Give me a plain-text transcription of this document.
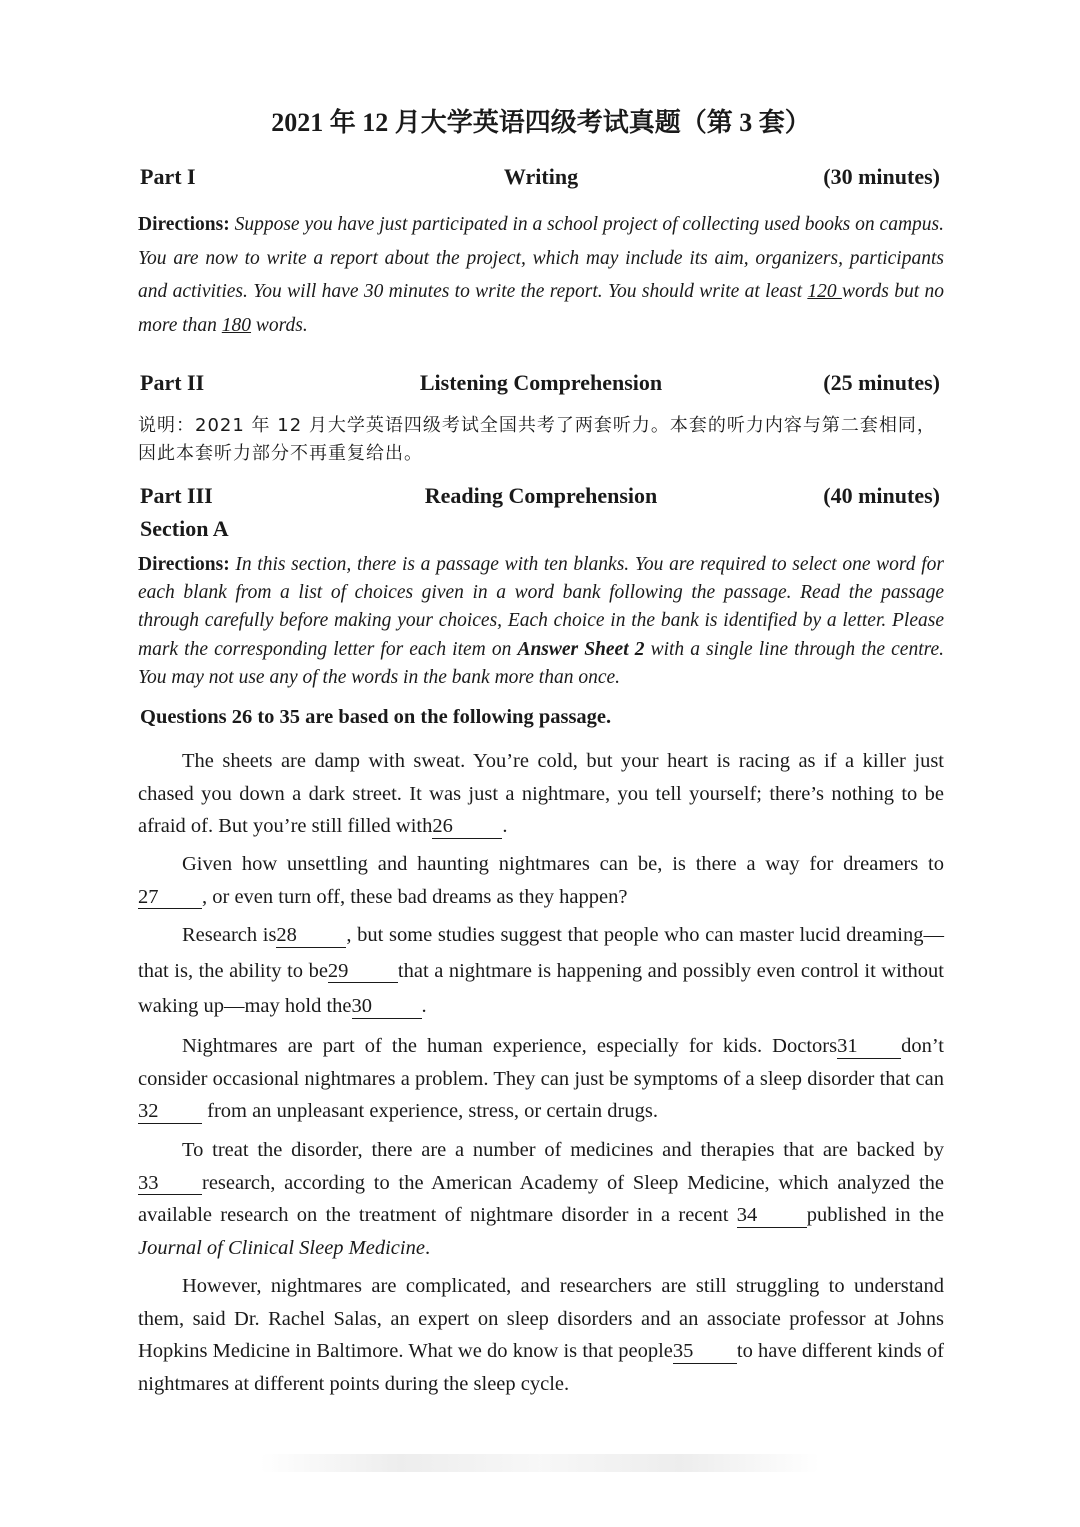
2021 年 12 月大学英语四级考试真题（第 3 套）
Part I	Writing	(30 minutes)
Directions: Suppose you have just participated in a school project of collecting used books on campus. You are now to write a report about the project, which may include its aim, organizers, participants and activities. You will have 30 minutes to write the report. You should write at least 120 words but no more than 180 words.
Part II	Listening Comprehension	(25 minutes)
说明：2021 年 12 月大学英语四级考试全国共考了两套听力。本套的听力内容与第二套相同，因此本套听力部分不再重复给出。
Part III	Reading Comprehension	(40 minutes)
Section A
Directions: In this section, there is a passage with ten blanks. You are required to select one word for each blank from a list of choices given in a word bank following the passage. Read the passage through carefully before making your choices, Each choice in the bank is identified by a letter. Please mark the corresponding letter for each item on Answer Sheet 2 with a single line through the centre. You may not use any of the words in the bank more than once.
Questions 26 to 35 are based on the following passage.

The sheets are damp with sweat. You’re cold, but your heart is racing as if a killer just chased you down a dark street. It was just a nightmare, you tell yourself; there’s nothing to be afraid of. But you’re still filled with26 .

Given how unsettling and haunting nightmares can be, is there a way for dreamers to 27 , or even turn off, these bad dreams as they happen?

Research is28 , but some studies suggest that people who can master lucid dreaming—that is, the ability to be29 that a nightmare is happening and possibly even control it without waking up—may hold the30 .

Nightmares are part of the human experience, especially for kids. Doctors31 don’t consider occasional nightmares a problem. They can just be symptoms of a sleep disorder that can 32 from an unpleasant experience, stress, or certain drugs.

To treat the disorder, there are a number of medicines and therapies that are backed by33 research, according to the American Academy of Sleep Medicine, which analyzed the available research on the treatment of nightmare disorder in a recent 34 published in the Journal of Clinical Sleep Medicine.

However, nightmares are complicated, and researchers are still struggling to understand them, said Dr. Rachel Salas, an expert on sleep disorders and an associate professor at Johns Hopkins Medicine in Baltimore. What we do know is that people35 to have different kinds of nightmares at different points during the sleep cycle.
